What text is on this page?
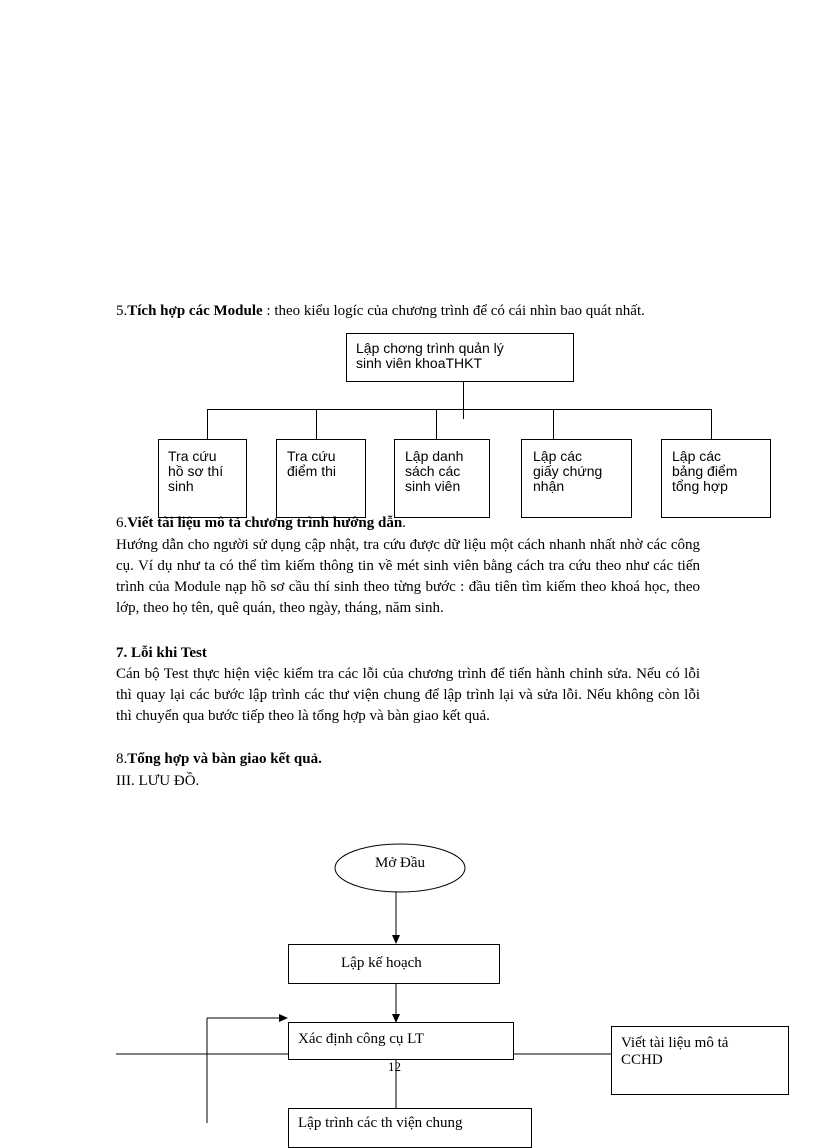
5.Tích hợp các Module : theo kiểu logíc của chương trình để có cái nhìn bao quát nhất.

Lập chơng trình quản lý
sinh viên khoaTHKT
Tra cứu
hồ sơ thí
sinh
Tra cứu
điểm thi
Lập danh
sách các
sinh viên
Lập các
giấy chứng
nhận
Lập các
bảng điểm
tổng hợp

6.Viết tài liệu mô tả chương trình hướng dẫn.

Hướng dẫn cho người sử dụng cập nhật, tra cứu được dữ liệu một cách nhanh nhất nhờ các công cụ. Ví dụ như ta có thể tìm kiếm thông tin về mét sinh viên bằng cách tra cứu theo như các tiến trình của Module nạp hồ sơ cầu thí sinh theo từng bước : đầu tiên tìm kiếm theo khoá học, theo lớp, theo họ tên, quê quán, theo ngày, tháng, năm sinh.

7. Lỗi khi Test

Cán bộ Test thực hiện việc kiểm tra các lỗi của chương trình để tiến hành chỉnh sửa. Nếu có lỗi thì quay lại các bước lập trình các thư viện chung để lập trình lại và sửa lỗi. Nếu không còn lỗi thì chuyển qua bước tiếp theo là tổng hợp và bàn giao kết quả.

8.Tổng hợp và bàn giao kết quả.

III. LƯU ĐỒ.

Mở Đầu
Lập kế hoạch
Xác định công cụ LT	Viết tài liệu mô tả
CCHD
Lập trình các th viện chung
12
